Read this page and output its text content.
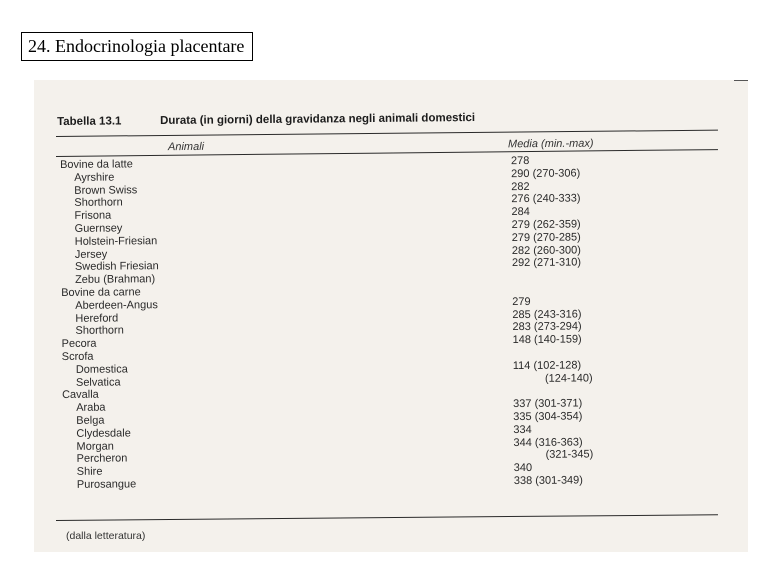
24. Endocrinologia placentare
Tabella 13.1	Durata (in giorni) della gravidanza negli animali domestici
Animali	Media (min.-max)
Bovine da latte	278
Ayrshire	290 (270-306)
Brown Swiss	282
Shorthorn	276 (240-333)
Frisona	284
Guernsey	279 (262-359)
Holstein-Friesian	279 (270-285)
Jersey	282 (260-300)
Swedish Friesian	292 (271-310)
Zebu (Brahman)
Bovine da carne
Aberdeen-Angus	279
Hereford	285 (243-316)
Shorthorn	283 (273-294)
Pecora	148 (140-159)
Scrofa
Domestica	114 (102-128)
Selvatica	(124-140)
Cavalla
Araba	337 (301-371)
Belga	335 (304-354)
Clydesdale	334
Morgan	344 (316-363)
Percheron	(321-345)
Shire	340
Purosangue	338 (301-349)
(dalla letteratura)
